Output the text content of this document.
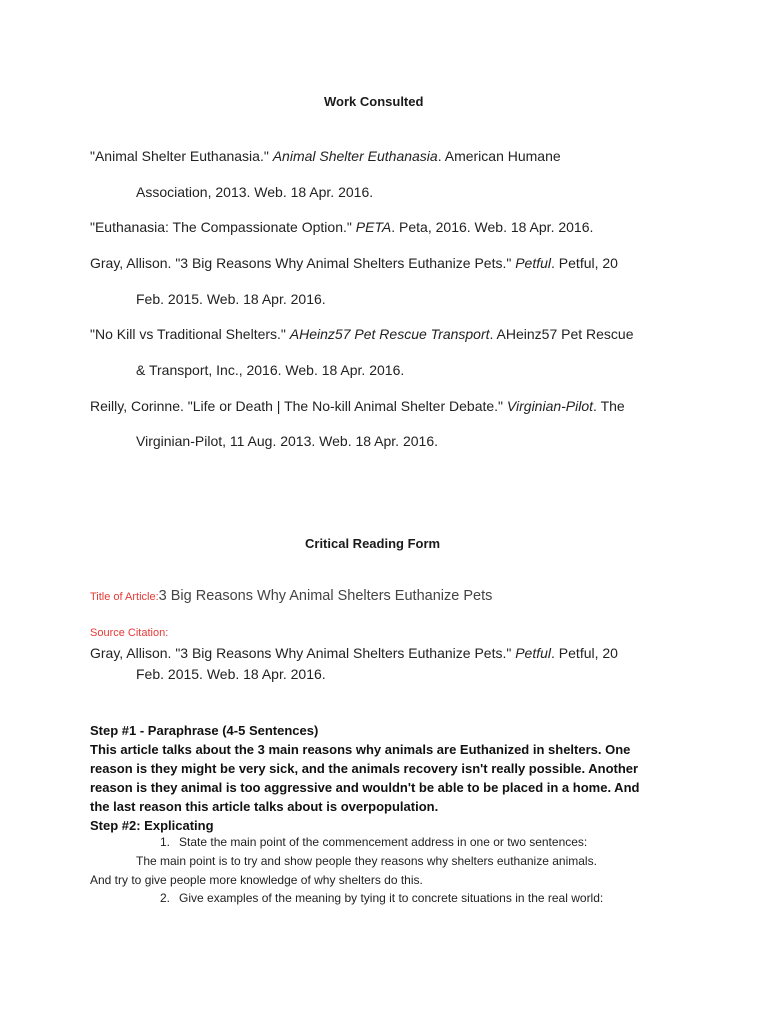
Work Consulted
"Animal Shelter Euthanasia." Animal Shelter Euthanasia. American Humane
Association, 2013. Web. 18 Apr. 2016.
"Euthanasia: The Compassionate Option." PETA. Peta, 2016. Web. 18 Apr. 2016.
Gray, Allison. "3 Big Reasons Why Animal Shelters Euthanize Pets." Petful. Petful, 20
Feb. 2015. Web. 18 Apr. 2016.
"No Kill vs Traditional Shelters." AHeinz57 Pet Rescue Transport. AHeinz57 Pet Rescue
& Transport, Inc., 2016. Web. 18 Apr. 2016.
Reilly, Corinne. "Life or Death | The No-kill Animal Shelter Debate." Virginian-Pilot. The
Virginian-Pilot, 11 Aug. 2013. Web. 18 Apr. 2016.
Critical Reading Form
Title of Article:3 Big Reasons Why Animal Shelters Euthanize Pets
Source Citation:
Gray, Allison. "3 Big Reasons Why Animal Shelters Euthanize Pets." Petful. Petful, 20
Feb. 2015. Web. 18 Apr. 2016.
Step #1 - Paraphrase (4-5 Sentences)
This article talks about the 3 main reasons why animals are Euthanized in shelters. One
reason is they might be very sick, and the animals recovery isn't really possible. Another
reason is they animal is too aggressive and wouldn't be able to be placed in a home. And
the last reason this article talks about is overpopulation.
Step #2: Explicating
1. State the main point of the commencement address in one or two sentences:
The main point is to try and show people they reasons why shelters euthanize animals.
And try to give people more knowledge of why shelters do this.
2. Give examples of the meaning by tying it to concrete situations in the real world:
